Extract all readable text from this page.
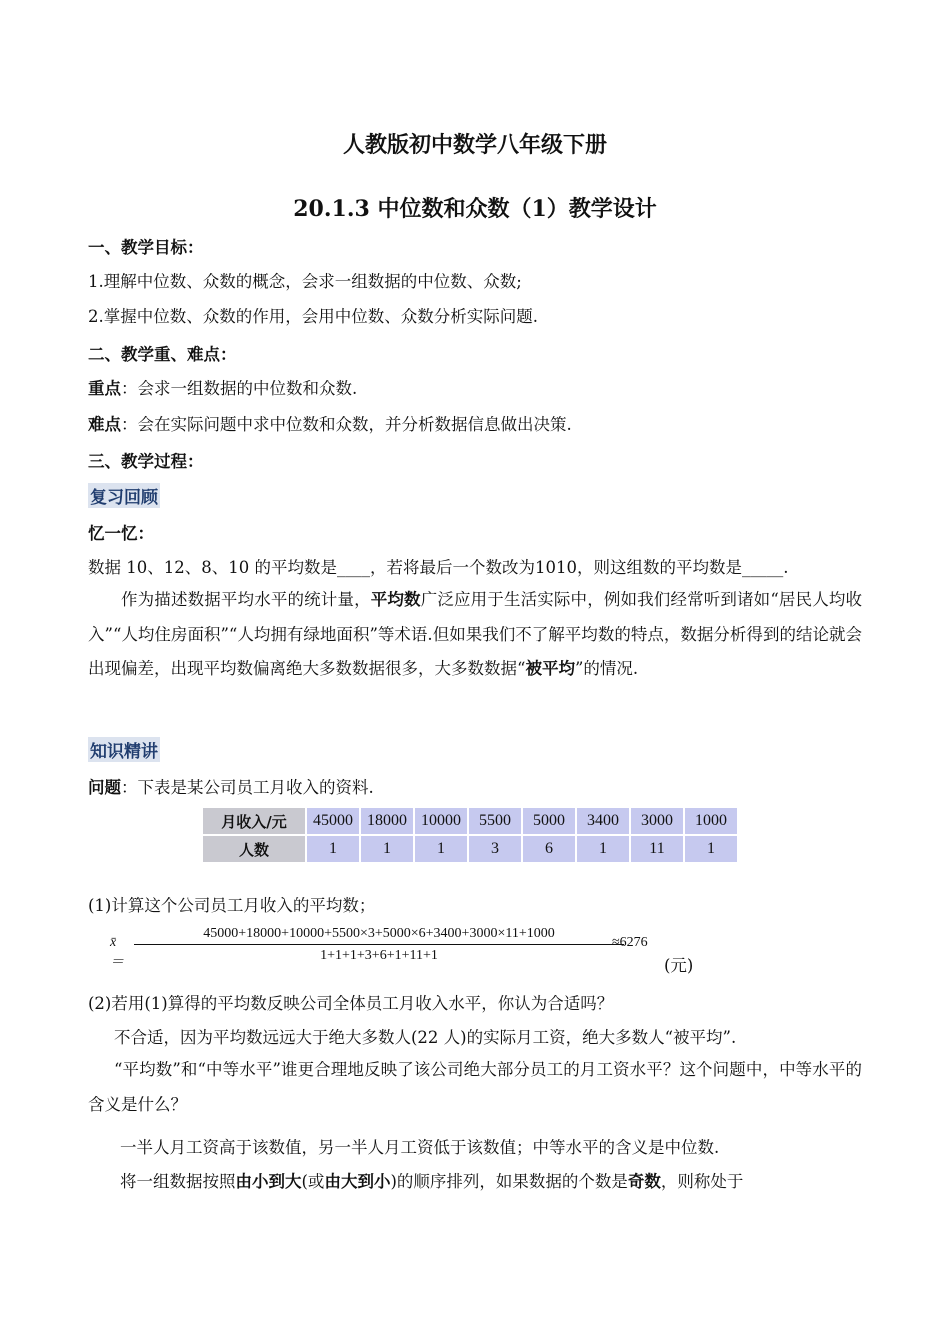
人教版初中数学八年级下册
20.1.3 中位数和众数（1）教学设计
一、教学目标：
1.理解中位数、众数的概念，会求一组数据的中位数、众数;
2.掌握中位数、众数的作用，会用中位数、众数分析实际问题.
二、教学重、难点：
重点：会求一组数据的中位数和众数.
难点：会在实际问题中求中位数和众数，并分析数据信息做出决策.
三、教学过程：
复习回顾
忆一忆：
数据 10、12、8、10 的平均数是____，若将最后一个数改为1010，则这组数的平均数是_____.
作为描述数据平均水平的统计量，平均数广泛应用于生活实际中，例如我们经常听到诸如“居民人均收入”“人均住房面积”“人均拥有绿地面积”等术语.但如果我们不了解平均数的特点，数据分析得到的结论就会出现偏差，出现平均数偏离绝大多数数据很多，大多数数据“被平均”的情况.
知识精讲
问题：下表是某公司员工月收入的资料.
月收入/元	45000	18000	10000	5500	5000	3400	3000	1000
人数	1	1	1	3	6	1	11	1
(1)计算这个公司员工月收入的平均数；
x̄＝ $\frac{45000+18000+10000+5500\times 3+5000\times 6+3400+3000\times 11+1000}{1+1+1+3+6+1+11+1}$
≈6276
(元)
(2)若用(1)算得的平均数反映公司全体员工月收入水平，你认为合适吗？
不合适，因为平均数远远大于绝大多数人(22 人)的实际月工资，绝大多数人“被平均”.
“平均数”和“中等水平”谁更合理地反映了该公司绝大部分员工的月工资水平？这个问题中，中等水平的含义是什么？
一半人月工资高于该数值，另一半人月工资低于该数值；中等水平的含义是中位数.
将一组数据按照由小到大(或由大到小)的顺序排列，如果数据的个数是奇数，则称处于
